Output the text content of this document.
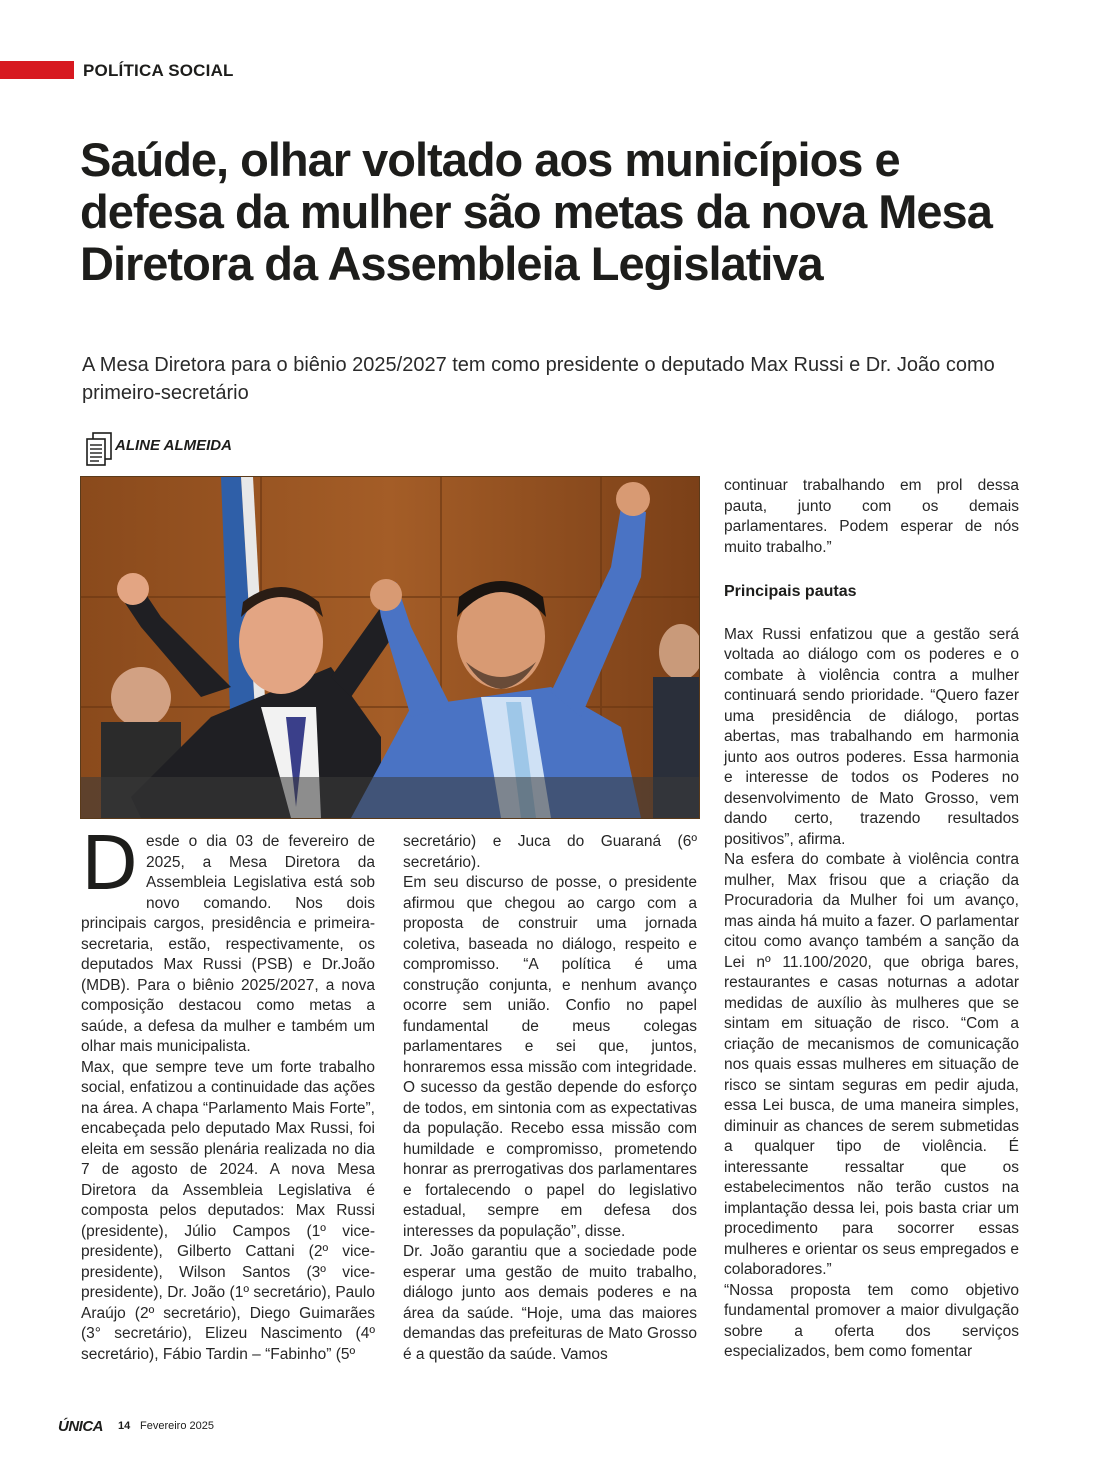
POLÍTICA SOCIAL
Saúde, olhar voltado aos municípios e defesa da mulher são metas da nova Mesa Diretora da Assembleia Legislativa

A Mesa Diretora para o biênio 2025/2027 tem como presidente o deputado Max Russi e Dr. João como primeiro-secretário

ALINE ALMEIDA

Desde o dia 03 de fevereiro de 2025, a Mesa Diretora da Assembleia Legislativa está sob novo comando. Nos dois principais cargos, presidência e primeira-secretaria, estão, respectivamente, os deputados Max Russi (PSB) e Dr.João (MDB). Para o biênio 2025/2027, a nova composição destacou como metas a saúde, a defesa da mulher e também um olhar mais municipalista.

Max, que sempre teve um forte trabalho social, enfatizou a continuidade das ações na área. A chapa “Parlamento Mais Forte”, encabeçada pelo deputado Max Russi, foi eleita em sessão plenária realizada no dia 7 de agosto de 2024. A nova Mesa Diretora da Assembleia Legislativa é composta pelos deputados: Max Russi (presidente), Júlio Campos (1º vice-presidente), Gilberto Cattani (2º vice-presidente), Wilson Santos (3º vice-presidente), Dr. João (1º secretário), Paulo Araújo (2º secretário), Diego Guimarães (3° secretário), Elizeu Nascimento (4º secretário), Fábio Tardin – “Fabinho” (5º

secretário) e Juca do Guaraná (6º secretário).

Em seu discurso de posse, o presidente afirmou que chegou ao cargo com a proposta de construir uma jornada coletiva, baseada no diálogo, respeito e compromisso. “A política é uma construção conjunta, e nenhum avanço ocorre sem união. Confio no papel fundamental de meus colegas parlamentares e sei que, juntos, honraremos essa missão com integridade. O sucesso da gestão depende do esforço de todos, em sintonia com as expectativas da população. Recebo essa missão com humildade e compromisso, prometendo honrar as prerrogativas dos parlamentares e fortalecendo o papel do legislativo estadual, sempre em defesa dos interesses da população”, disse.

Dr. João garantiu que a sociedade pode esperar uma gestão de muito trabalho, diálogo junto aos demais poderes e na área da saúde. “Hoje, uma das maiores demandas das prefeituras de Mato Grosso é a questão da saúde. Vamos

continuar trabalhando em prol dessa pauta, junto com os demais parlamentares. Podem esperar de nós muito trabalho.”

Principais pautas

Max Russi enfatizou que a gestão será voltada ao diálogo com os poderes e o combate à violência contra a mulher continuará sendo prioridade. “Quero fazer uma presidência de diálogo, portas abertas, mas trabalhando em harmonia junto aos outros poderes. Essa harmonia e interesse de todos os Poderes no desenvolvimento de Mato Grosso, vem dando certo, trazendo resultados positivos”, afirma.

Na esfera do combate à violência contra mulher, Max frisou que a criação da Procuradoria da Mulher foi um avanço, mas ainda há muito a fazer. O parlamentar citou como avanço também a sanção da Lei nº 11.100/2020, que obriga bares, restaurantes e casas noturnas a adotar medidas de auxílio às mulheres que se sintam em situação de risco. “Com a criação de mecanismos de comunicação nos quais essas mulheres em situação de risco se sintam seguras em pedir ajuda, essa Lei busca, de uma maneira simples, diminuir as chances de serem submetidas a qualquer tipo de violência. É interessante ressaltar que os estabelecimentos não terão custos na implantação dessa lei, pois basta criar um procedimento para socorrer essas mulheres e orientar os seus empregados e colaboradores.”

“Nossa proposta tem como objetivo fundamental promover a maior divulgação sobre a oferta dos serviços especializados, bem como fomentar

ÚNICA 14 Fevereiro 2025
